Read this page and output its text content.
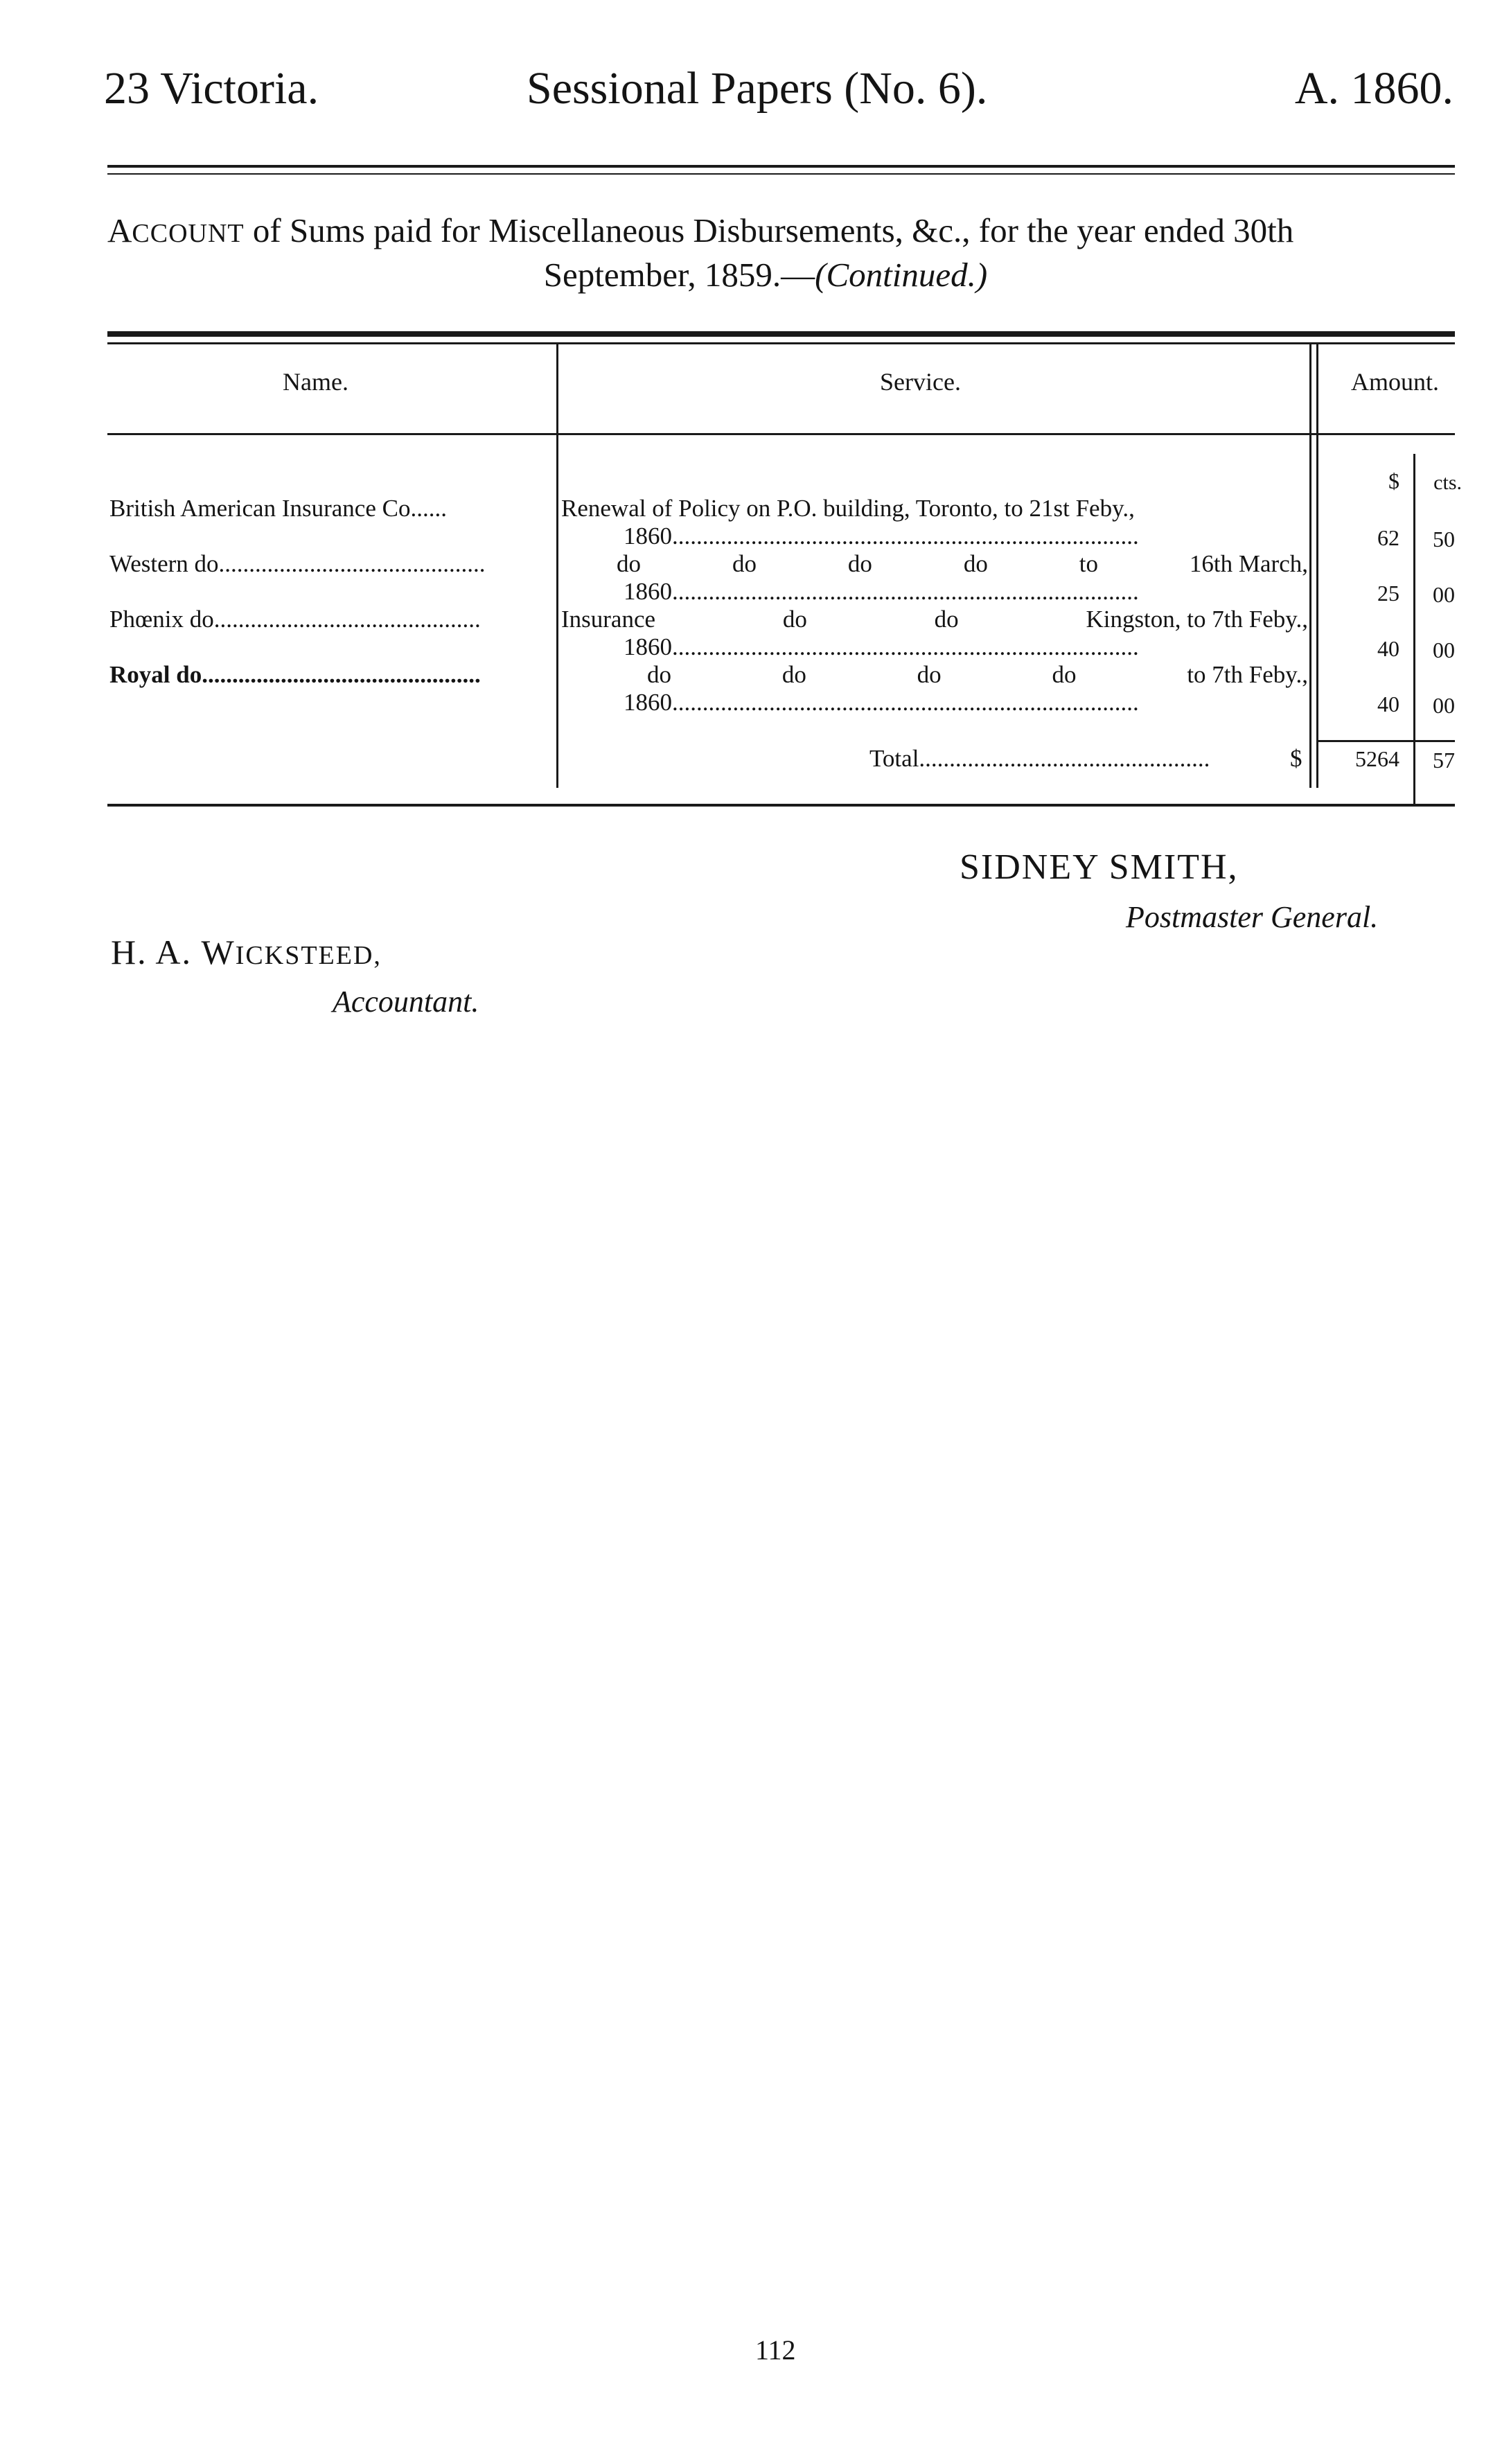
23 Victoria.	Sessional Papers (No. 6).	A. 1860.
ACCOUNT of Sums paid for Miscellaneous Disbursements, &c., for the year ended 30th
September, 1859.—(Continued.)
Name.	Service.	Amount.
$	cts.
British American Insurance Co......	Renewal of Policy on P.O. building, Toronto, to 21st Feby.,
1860.............................................................................	62	50
Western do............................................	do	do	do	do	to	16th March,
1860.............................................................................	25	00
Phœnix do............................................	Insurance	do	do	Kingston, to 7th Feby.,
1860.............................................................................	40	00
Royal do..............................................	do	do	do	do	to 7th Feby.,
1860.............................................................................	40	00
Total................................................	$	5264	57
SIDNEY SMITH,
Postmaster General.
H. A. WICKSTEED,
Accountant.
112
